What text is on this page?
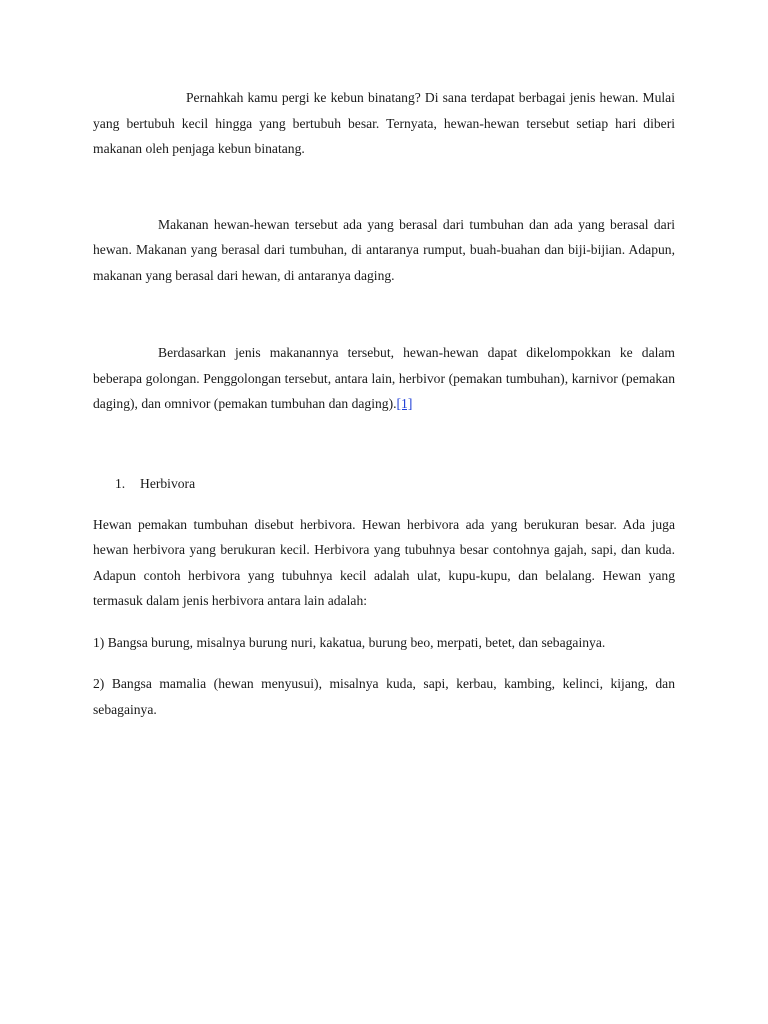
Pernahkah kamu pergi ke kebun binatang? Di sana terdapat berbagai jenis hewan. Mulai yang bertubuh kecil hingga yang bertubuh besar. Ternyata, hewan-hewan tersebut setiap hari diberi makanan oleh penjaga kebun binatang.

Makanan hewan-hewan tersebut ada yang berasal dari tumbuhan dan ada yang berasal dari hewan. Makanan yang berasal dari tumbuhan, di antaranya rumput, buah-buahan dan biji-bijian. Adapun, makanan yang berasal dari hewan, di antaranya daging.

Berdasarkan jenis makanannya tersebut, hewan-hewan dapat dikelompokkan ke dalam beberapa golongan. Penggolongan tersebut, antara lain, herbivor (pemakan tumbuhan), karnivor (pemakan daging), dan omnivor (pemakan tumbuhan dan daging).[1]

1. Herbivora

Hewan pemakan tumbuhan disebut herbivora. Hewan herbivora ada yang berukuran besar. Ada juga hewan herbivora yang berukuran kecil. Herbivora yang tubuhnya besar contohnya gajah, sapi, dan kuda. Adapun contoh herbivora yang tubuhnya kecil adalah ulat, kupu-kupu, dan belalang. Hewan yang termasuk dalam jenis herbivora antara lain adalah:

1) Bangsa burung, misalnya burung nuri, kakatua, burung beo, merpati, betet, dan sebagainya.

2) Bangsa mamalia (hewan menyusui), misalnya kuda, sapi, kerbau, kambing, kelinci, kijang, dan sebagainya.
